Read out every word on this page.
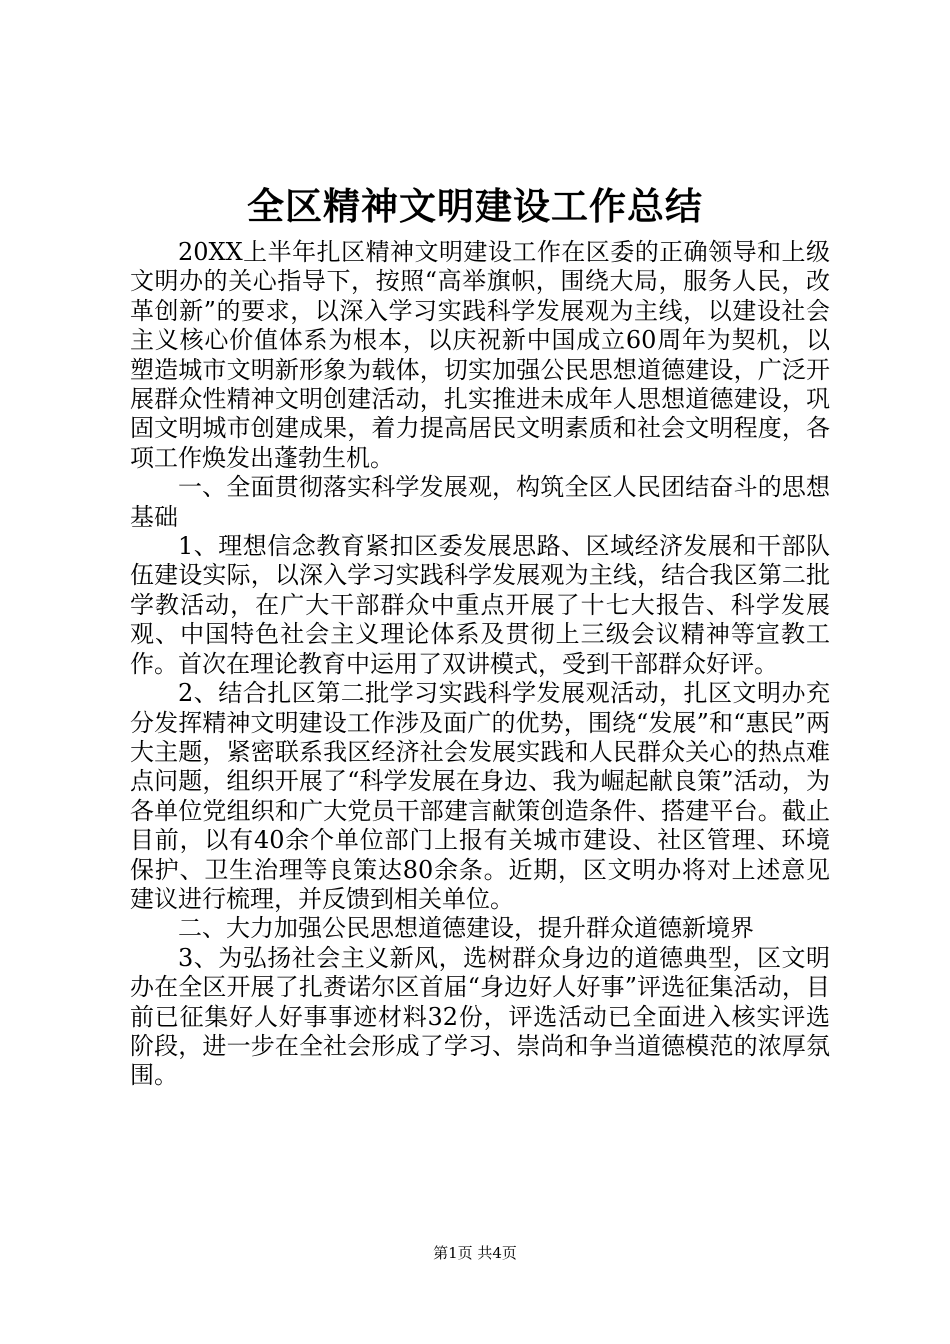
全区精神文明建设工作总结

20XX上半年扎区精神文明建设工作在区委的正确领导和上级文明办的关心指导下，按照“高举旗帜，围绕大局，服务人民，改革创新”的要求，以深入学习实践科学发展观为主线，以建设社会主义核心价值体系为根本，以庆祝新中国成立60周年为契机，以塑造城市文明新形象为载体，切实加强公民思想道德建设，广泛开展群众性精神文明创建活动，扎实推进未成年人思想道德建设，巩固文明城市创建成果，着力提高居民文明素质和社会文明程度，各项工作焕发出蓬勃生机。

一、全面贯彻落实科学发展观，构筑全区人民团结奋斗的思想基础

1、理想信念教育紧扣区委发展思路、区域经济发展和干部队伍建设实际，以深入学习实践科学发展观为主线，结合我区第二批学教活动，在广大干部群众中重点开展了十七大报告、科学发展观、中国特色社会主义理论体系及贯彻上三级会议精神等宣教工作。首次在理论教育中运用了双讲模式，受到干部群众好评。

2、结合扎区第二批学习实践科学发展观活动，扎区文明办充分发挥精神文明建设工作涉及面广的优势，围绕“发展”和“惠民”两大主题，紧密联系我区经济社会发展实践和人民群众关心的热点难点问题，组织开展了“科学发展在身边、我为崛起献良策”活动，为各单位党组织和广大党员干部建言献策创造条件、搭建平台。截止目前，以有40余个单位部门上报有关城市建设、社区管理、环境保护、卫生治理等良策达80余条。近期，区文明办将对上述意见建议进行梳理，并反馈到相关单位。

二、大力加强公民思想道德建设，提升群众道德新境界

3、为弘扬社会主义新风，选树群众身边的道德典型，区文明办在全区开展了扎赉诺尔区首届“身边好人好事”评选征集活动，目前已征集好人好事事迹材料32份，评选活动已全面进入核实评选阶段，进一步在全社会形成了学习、崇尚和争当道德模范的浓厚氛围。

第1页 共4页
